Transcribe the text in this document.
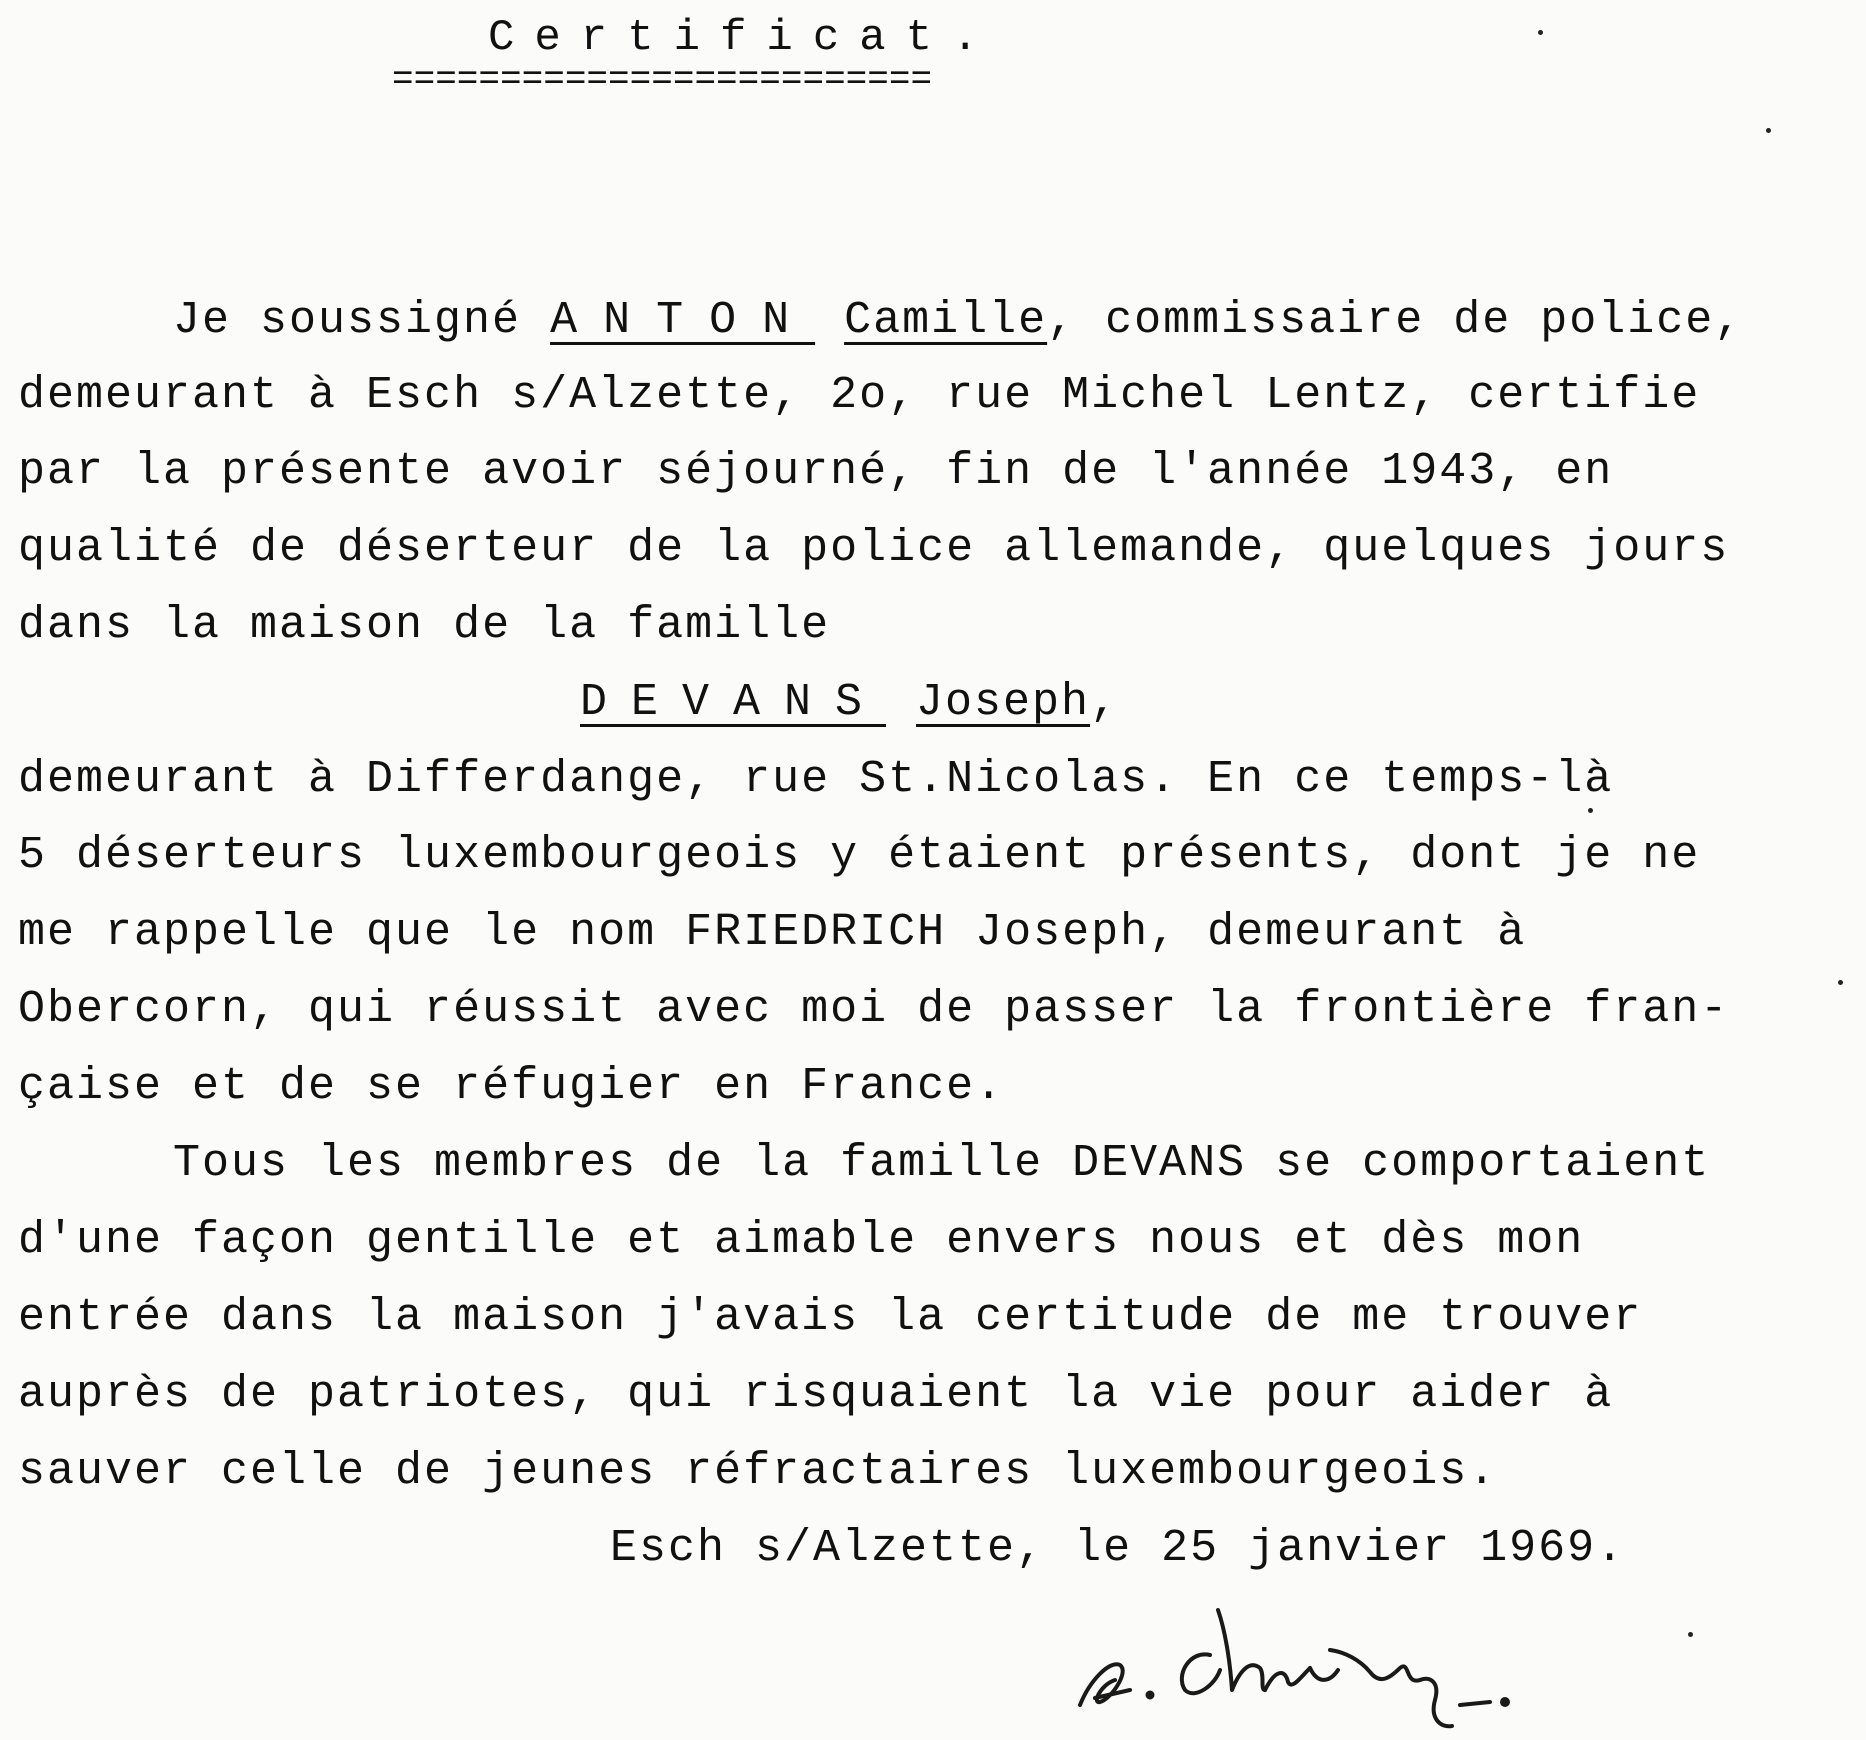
Certificat.
=========================
Je soussigné ANTON Camille, commissaire de police,
demeurant à Esch s/Alzette, 2o, rue Michel Lentz, certifie
par la présente avoir séjourné, fin de l'année 1943, en
qualité de déserteur de la police allemande, quelques jours
dans la maison de la famille
DEVANS Joseph,
demeurant à Differdange, rue St.Nicolas. En ce temps-là
5 déserteurs luxembourgeois y étaient présents, dont je ne
me rappelle que le nom FRIEDRICH Joseph, demeurant à
Obercorn, qui réussit avec moi de passer la frontière fran-
çaise et de se réfugier en France.
Tous les membres de la famille DEVANS se comportaient
d'une façon gentille et aimable envers nous et dès mon
entrée dans la maison j'avais la certitude de me trouver
auprès de patriotes, qui risquaient la vie pour aider à
sauver celle de jeunes réfractaires luxembourgeois.
Esch s/Alzette, le 25 janvier 1969.
